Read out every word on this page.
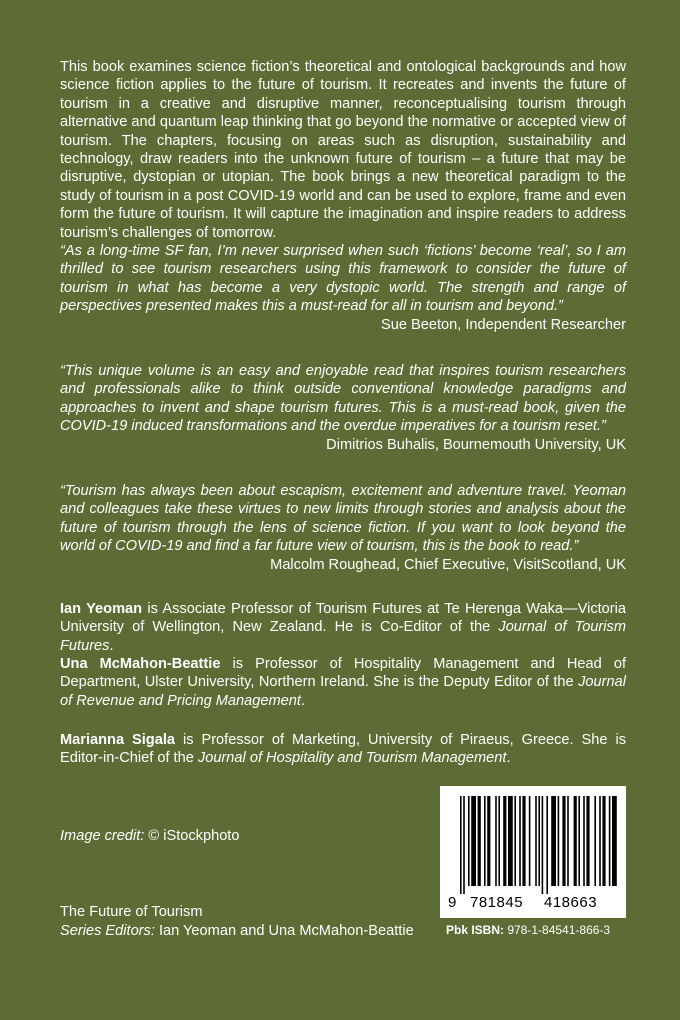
This book examines science fiction’s theoretical and ontological backgrounds and how science fiction applies to the future of tourism. It recreates and invents the future of tourism in a creative and disruptive manner, reconceptualising tourism through alternative and quantum leap thinking that go beyond the normative or accepted view of tourism. The chapters, focusing on areas such as disruption, sustainability and technology, draw readers into the unknown future of tourism – a future that may be disruptive, dystopian or utopian. The book brings a new theoretical paradigm to the study of tourism in a post COVID-19 world and can be used to explore, frame and even form the future of tourism. It will capture the imagination and inspire readers to address tourism’s challenges of tomorrow.
“As a long-time SF fan, I’m never surprised when such ‘fictions’ become ‘real’, so I am thrilled to see tourism researchers using this framework to consider the future of tourism in what has become a very dystopic world. The strength and range of perspectives presented makes this a must-read for all in tourism and beyond.”
Sue Beeton, Independent Researcher
“This unique volume is an easy and enjoyable read that inspires tourism researchers and professionals alike to think outside conventional knowledge paradigms and approaches to invent and shape tourism futures. This is a must-read book, given the COVID-19 induced transformations and the overdue imperatives for a tourism reset.”
Dimitrios Buhalis, Bournemouth University, UK
“Tourism has always been about escapism, excitement and adventure travel. Yeoman and colleagues take these virtues to new limits through stories and analysis about the future of tourism through the lens of science fiction. If you want to look beyond the world of COVID-19 and find a far future view of tourism, this is the book to read.”
Malcolm Roughead, Chief Executive, VisitScotland, UK
Ian Yeoman is Associate Professor of Tourism Futures at Te Herenga Waka—Victoria University of Wellington, New Zealand. He is Co-Editor of the Journal of Tourism Futures.
Una McMahon-Beattie is Professor of Hospitality Management and Head of Department, Ulster University, Northern Ireland. She is the Deputy Editor of the Journal of Revenue and Pricing Management.
Marianna Sigala is Professor of Marketing, University of Piraeus, Greece. She is Editor-in-Chief of the Journal of Hospitality and Tourism Management.
Image credit: © iStockphoto
The Future of Tourism
Series Editors: Ian Yeoman and Una McMahon-Beattie
9 781845 418663
Pbk ISBN: 978-1-84541-866-3
